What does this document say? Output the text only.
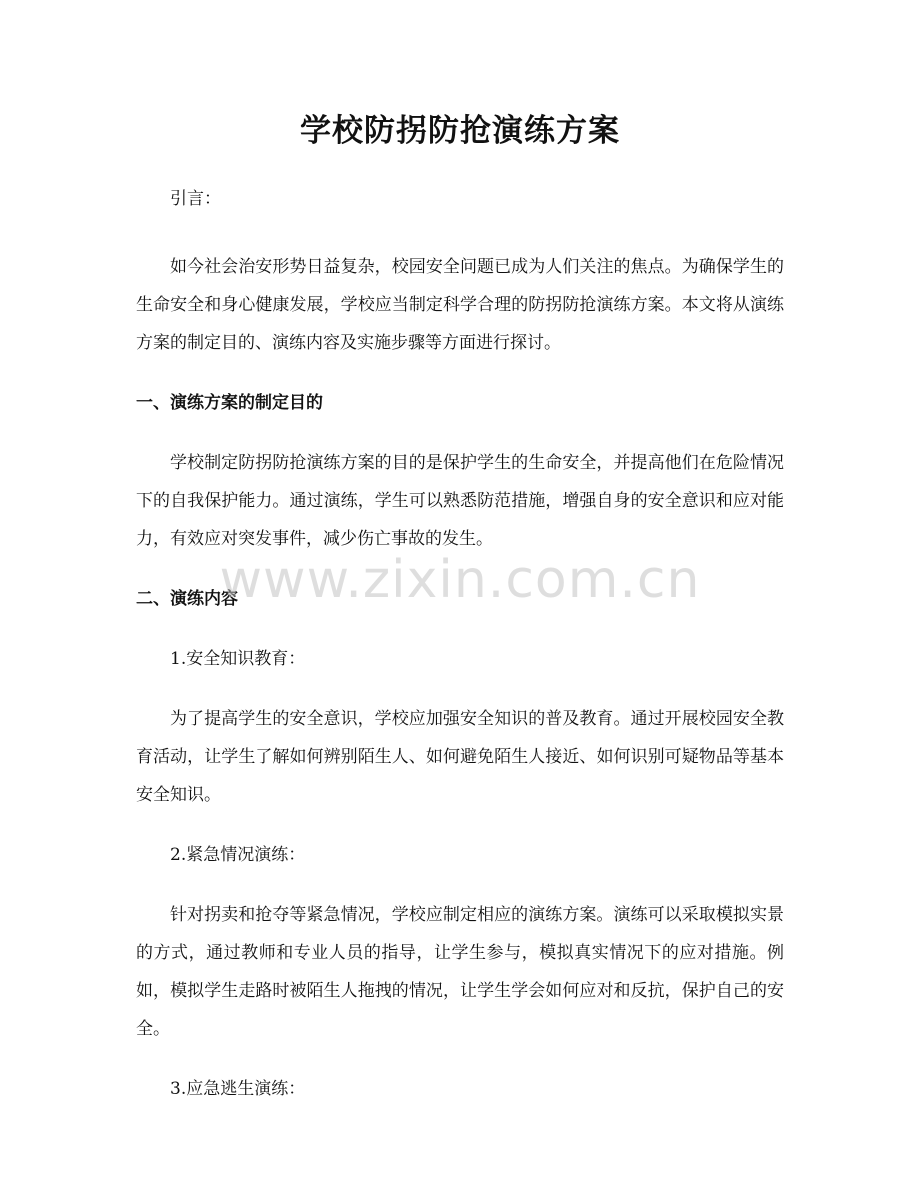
学校防拐防抢演练方案

引言：

如今社会治安形势日益复杂，校园安全问题已成为人们关注的焦点。为确保学生的生命安全和身心健康发展，学校应当制定科学合理的防拐防抢演练方案。本文将从演练方案的制定目的、演练内容及实施步骤等方面进行探讨。

一、演练方案的制定目的

学校制定防拐防抢演练方案的目的是保护学生的生命安全，并提高他们在危险情况下的自我保护能力。通过演练，学生可以熟悉防范措施，增强自身的安全意识和应对能力，有效应对突发事件，减少伤亡事故的发生。

二、演练内容

1.安全知识教育：

为了提高学生的安全意识，学校应加强安全知识的普及教育。通过开展校园安全教育活动，让学生了解如何辨别陌生人、如何避免陌生人接近、如何识别可疑物品等基本安全知识。

2.紧急情况演练：

针对拐卖和抢夺等紧急情况，学校应制定相应的演练方案。演练可以采取模拟实景的方式，通过教师和专业人员的指导，让学生参与，模拟真实情况下的应对措施。例如，模拟学生走路时被陌生人拖拽的情况，让学生学会如何应对和反抗，保护自己的安全。

3.应急逃生演练：

www.zixin.com.cn
